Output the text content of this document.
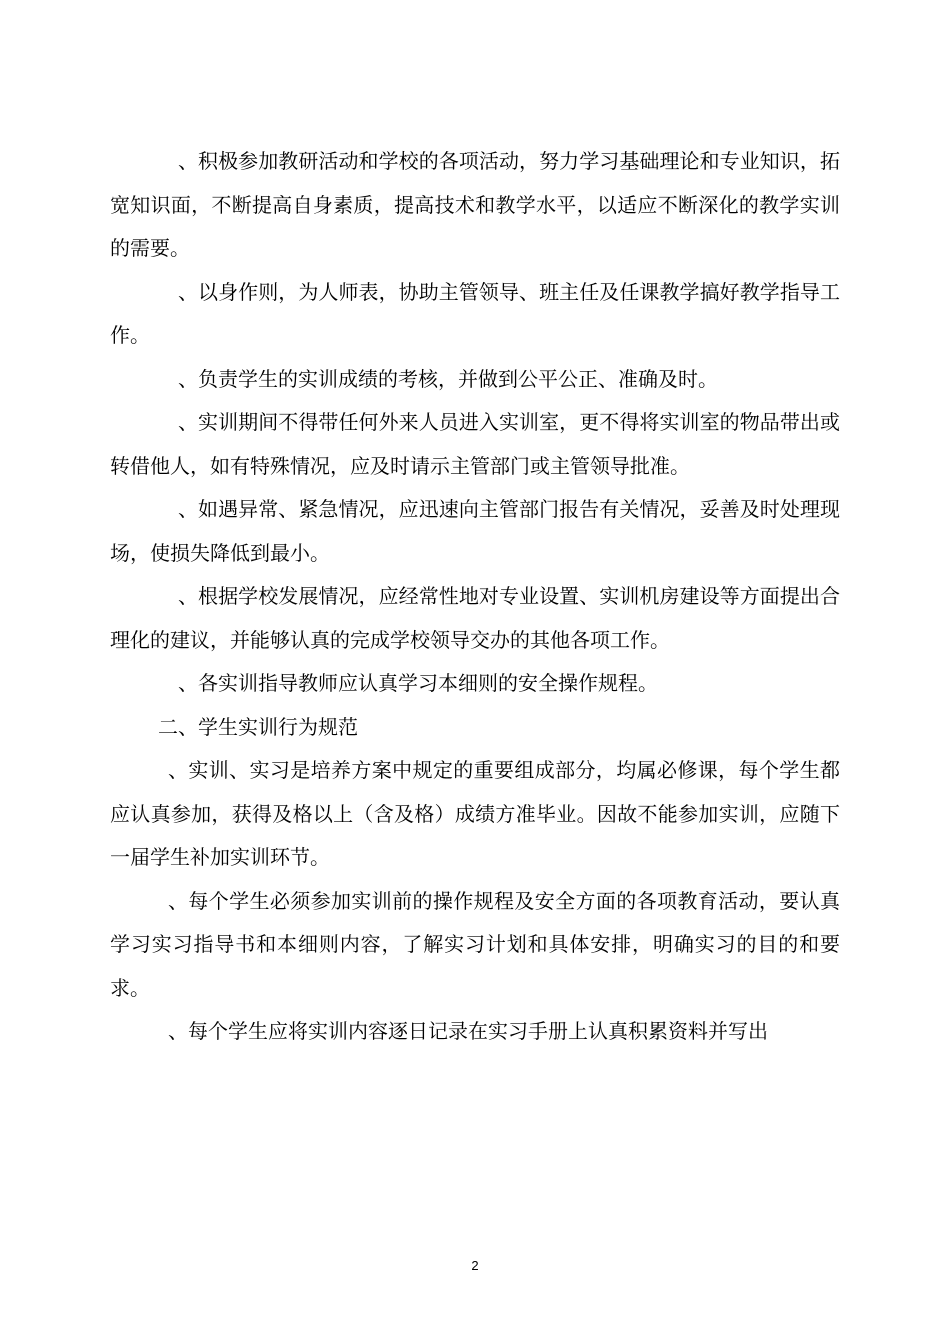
、积极参加教研活动和学校的各项活动，努力学习基础理论和专业知识，拓宽知识面，不断提高自身素质，提高技术和教学水平，以适应不断深化的教学实训的需要。

、以身作则，为人师表，协助主管领导、班主任及任课教学搞好教学指导工作。

、负责学生的实训成绩的考核，并做到公平公正、准确及时。

、实训期间不得带任何外来人员进入实训室，更不得将实训室的物品带出或转借他人，如有特殊情况，应及时请示主管部门或主管领导批准。

、如遇异常、紧急情况，应迅速向主管部门报告有关情况，妥善及时处理现场，使损失降低到最小。

、根据学校发展情况，应经常性地对专业设置、实训机房建设等方面提出合理化的建议，并能够认真的完成学校领导交办的其他各项工作。

、各实训指导教师应认真学习本细则的安全操作规程。

二、学生实训行为规范

、实训、实习是培养方案中规定的重要组成部分，均属必修课，每个学生都应认真参加，获得及格以上（含及格）成绩方准毕业。因故不能参加实训，应随下一届学生补加实训环节。

、每个学生必须参加实训前的操作规程及安全方面的各项教育活动，要认真学习实习指导书和本细则内容，了解实习计划和具体安排，明确实习的目的和要求。

、每个学生应将实训内容逐日记录在实习手册上认真积累资料并写出

2
